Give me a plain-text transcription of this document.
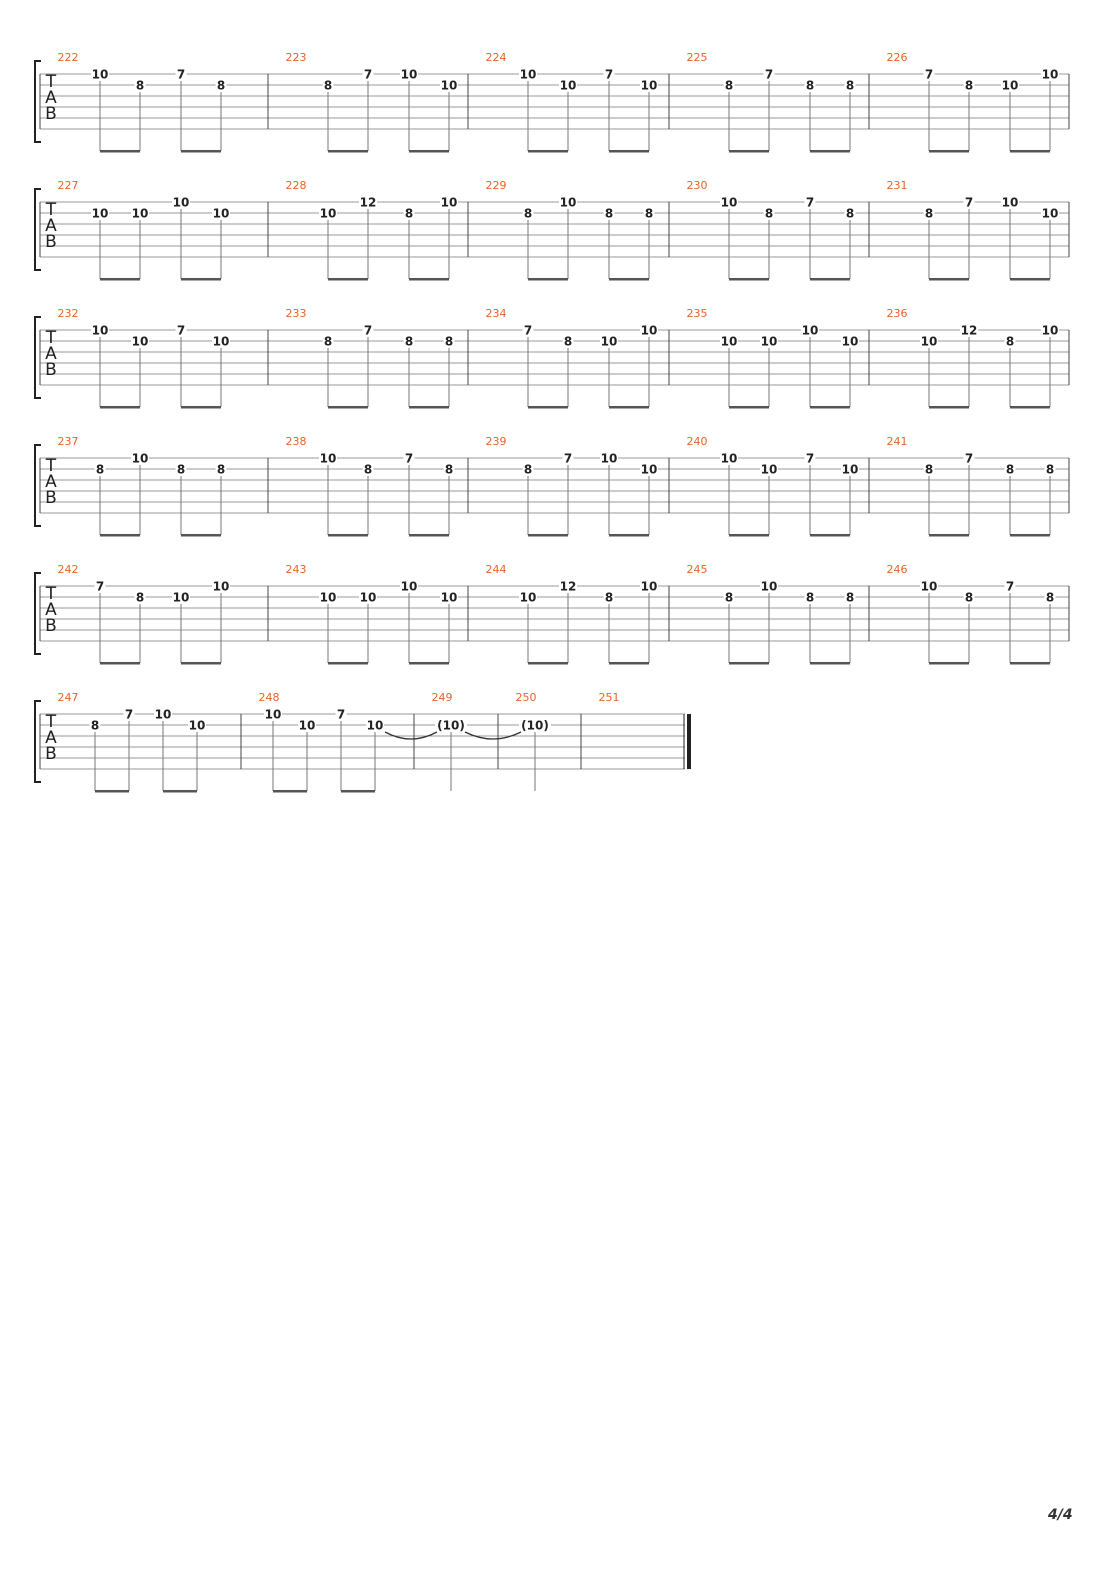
T
A
B
222
10
8
7
8
223
8
7 10
10
224
10
10
7
10
225
8
7
8	8
226
7
8 10
10
T
A
B
227
10 10
10
10
228
10
12
8
10
229
8
10
8	8
230
10
8
7
8
231
8
7 10
10
T
A
B
232
10
10
7
10
233
8
7
8	8
234
7
8 10
10
235
10 10
10
10
236
10
12
8
10
T
A
B
237
8
10
8	8
238
10
8
7
8
239
8
7 10
10
240
10
10
7
10
241
8
7
8	8
T
A
B
242
7
8 10
10
243
10 10
10
10
244
10
12
8
10
245
8
10
8	8
246
10
8
7
8
T
A
B
247
8
7 10
10
248
10
10
7
10
249
(10)
250
(10)
251
4/4
